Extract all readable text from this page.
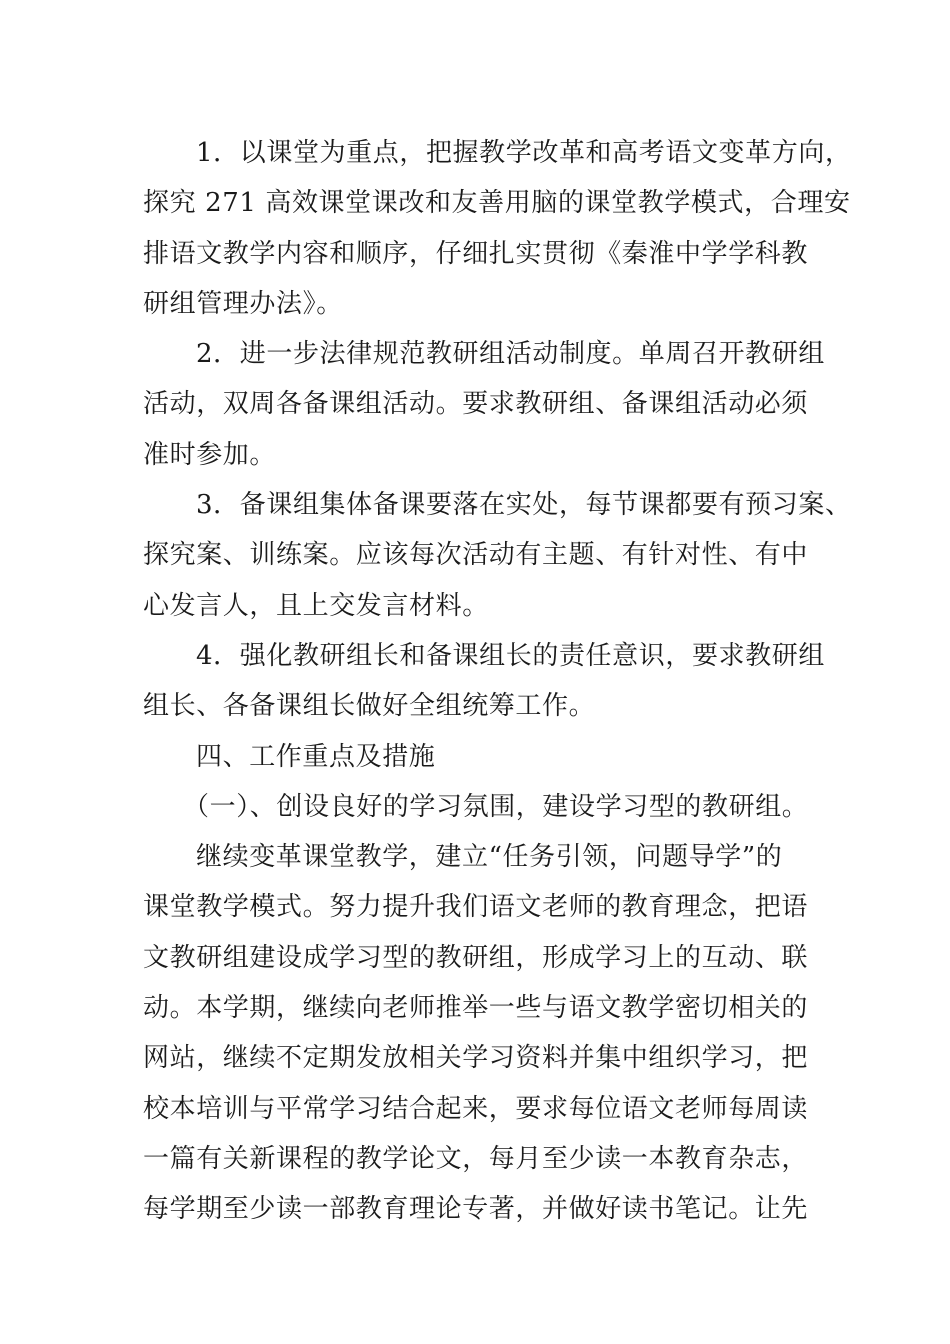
1．以课堂为重点，把握教学改革和高考语文变革方向，
探究 271 高效课堂课改和友善用脑的课堂教学模式，合理安
排语文教学内容和顺序，仔细扎实贯彻《秦淮中学学科教
研组管理办法》。
2．进一步法律规范教研组活动制度。单周召开教研组
活动，双周各备课组活动。要求教研组、备课组活动必须
准时参加。
3．备课组集体备课要落在实处，每节课都要有预习案、
探究案、训练案。应该每次活动有主题、有针对性、有中
心发言人，且上交发言材料。
4．强化教研组长和备课组长的责任意识，要求教研组
组长、各备课组长做好全组统筹工作。
四、工作重点及措施
（一）、创设良好的学习氛围，建设学习型的教研组。
继续变革课堂教学，建立“任务引领，问题导学”的
课堂教学模式。努力提升我们语文老师的教育理念，把语
文教研组建设成学习型的教研组，形成学习上的互动、联
动。本学期，继续向老师推举一些与语文教学密切相关的
网站，继续不定期发放相关学习资料并集中组织学习，把
校本培训与平常学习结合起来，要求每位语文老师每周读
一篇有关新课程的教学论文，每月至少读一本教育杂志，
每学期至少读一部教育理论专著，并做好读书笔记。让先
